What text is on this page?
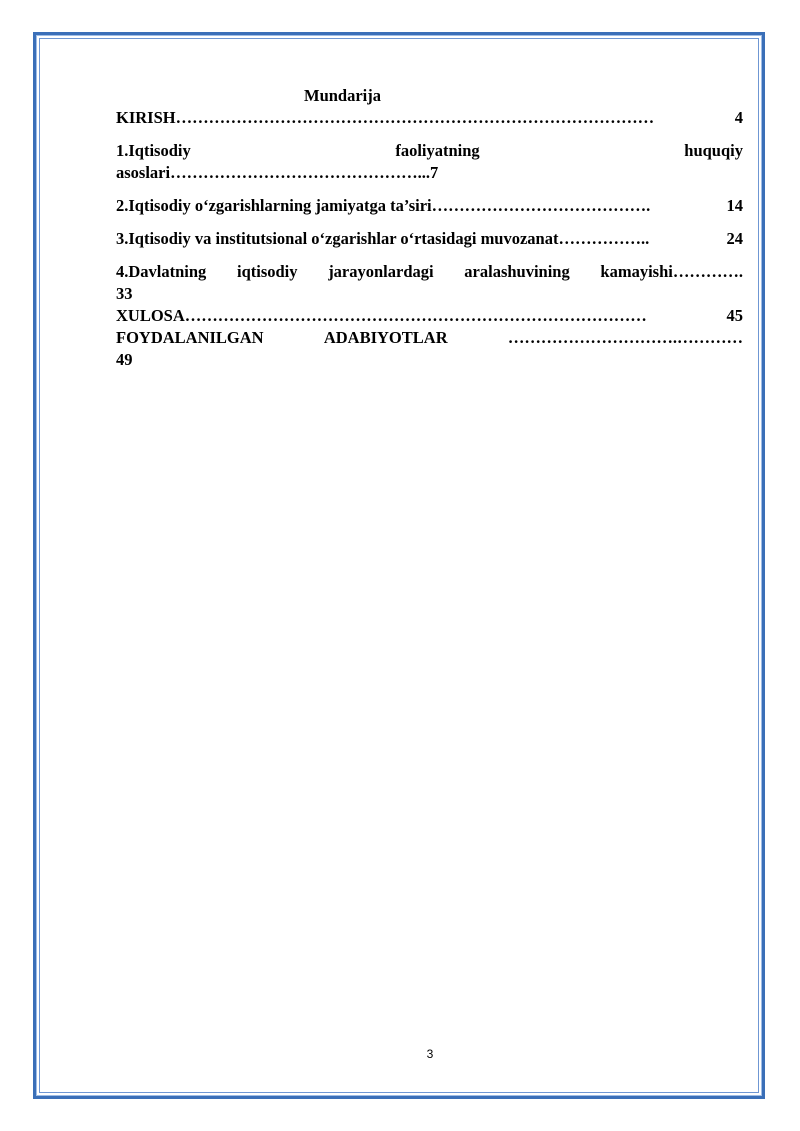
Mundarija
KIRISH ……………………………………………………………………………	4
1.Iqtisodiy	faoliyatning	huquqiy
asoslari………………………………………...7
2.Iqtisodiy o‘zgarishlarning jamiyatga ta’siri ………………………………….	14
3.Iqtisodiy va institutsional o‘zgarishlar o‘rtasidagi muvozanat ……………..	24
4.Davlatning iqtisodiy jarayonlardagi aralashuvining kamayishi………….
33
XULOSA …………………………………………………………………………	45
FOYDALANILGAN	ADABIYOTLAR	………………………….…………
49
3
